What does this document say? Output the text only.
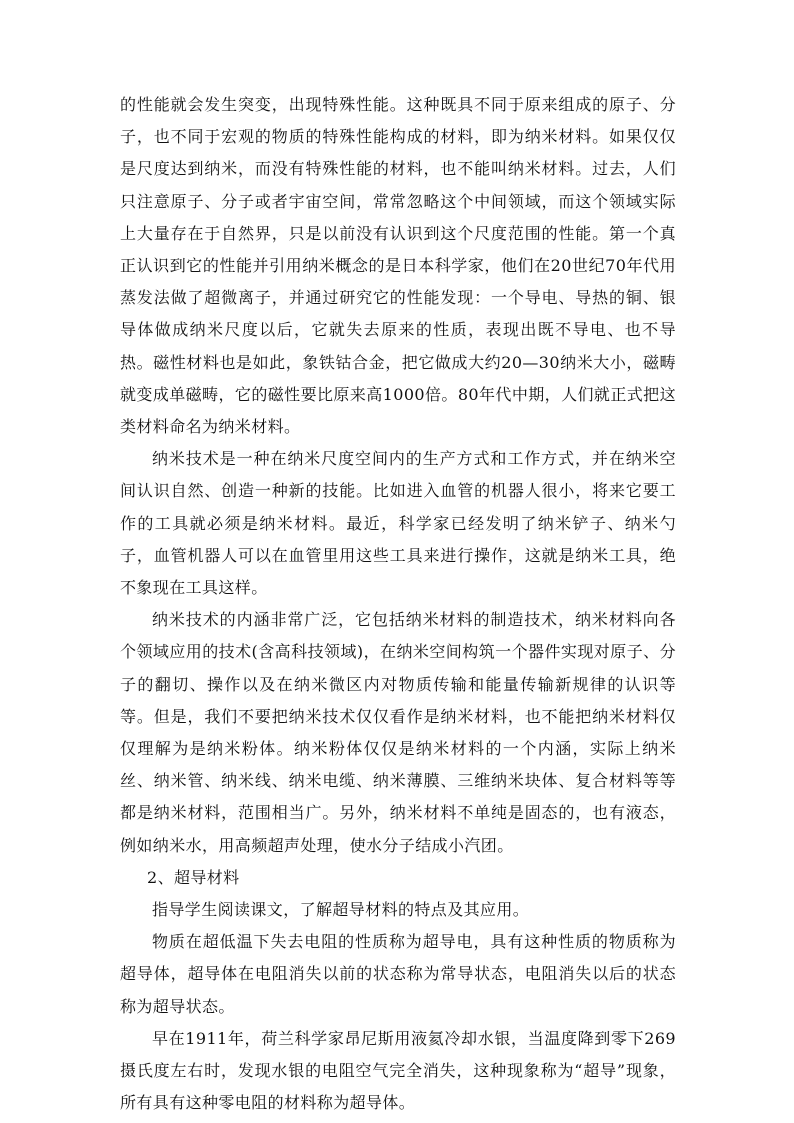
的性能就会发生突变，出现特殊性能。这种既具不同于原来组成的原子、分子，也不同于宏观的物质的特殊性能构成的材料，即为纳米材料。如果仅仅是尺度达到纳米，而没有特殊性能的材料，也不能叫纳米材料。过去，人们只注意原子、分子或者宇宙空间，常常忽略这个中间领域，而这个领域实际上大量存在于自然界，只是以前没有认识到这个尺度范围的性能。第一个真正认识到它的性能并引用纳米概念的是日本科学家，他们在20世纪70年代用蒸发法做了超微离子，并通过研究它的性能发现：一个导电、导热的铜、银导体做成纳米尺度以后，它就失去原来的性质，表现出既不导电、也不导热。磁性材料也是如此，象铁钴合金，把它做成大约20—30纳米大小，磁畴就变成单磁畴，它的磁性要比原来高1000倍。80年代中期，人们就正式把这类材料命名为纳米材料。

纳米技术是一种在纳米尺度空间内的生产方式和工作方式，并在纳米空间认识自然、创造一种新的技能。比如进入血管的机器人很小，将来它要工作的工具就必须是纳米材料。最近，科学家已经发明了纳米铲子、纳米勺子，血管机器人可以在血管里用这些工具来进行操作，这就是纳米工具，绝不象现在工具这样。

纳米技术的内涵非常广泛，它包括纳米材料的制造技术，纳米材料向各个领域应用的技术(含高科技领域)，在纳米空间构筑一个器件实现对原子、分子的翻切、操作以及在纳米微区内对物质传输和能量传输新规律的认识等等。但是，我们不要把纳米技术仅仅看作是纳米材料，也不能把纳米材料仅仅理解为是纳米粉体。纳米粉体仅仅是纳米材料的一个内涵，实际上纳米丝、纳米管、纳米线、纳米电缆、纳米薄膜、三维纳米块体、复合材料等等都是纳米材料，范围相当广。另外，纳米材料不单纯是固态的，也有液态，例如纳米水，用高频超声处理，使水分子结成小汽团。

2、超导材料

指导学生阅读课文，了解超导材料的特点及其应用。

物质在超低温下失去电阻的性质称为超导电，具有这种性质的物质称为超导体，超导体在电阻消失以前的状态称为常导状态，电阻消失以后的状态称为超导状态。

早在1911年，荷兰科学家昂尼斯用液氦冷却水银，当温度降到零下269摄氏度左右时，发现水银的电阻空气完全消失，这种现象称为“超导”现象，所有具有这种零电阻的材料称为超导体。
